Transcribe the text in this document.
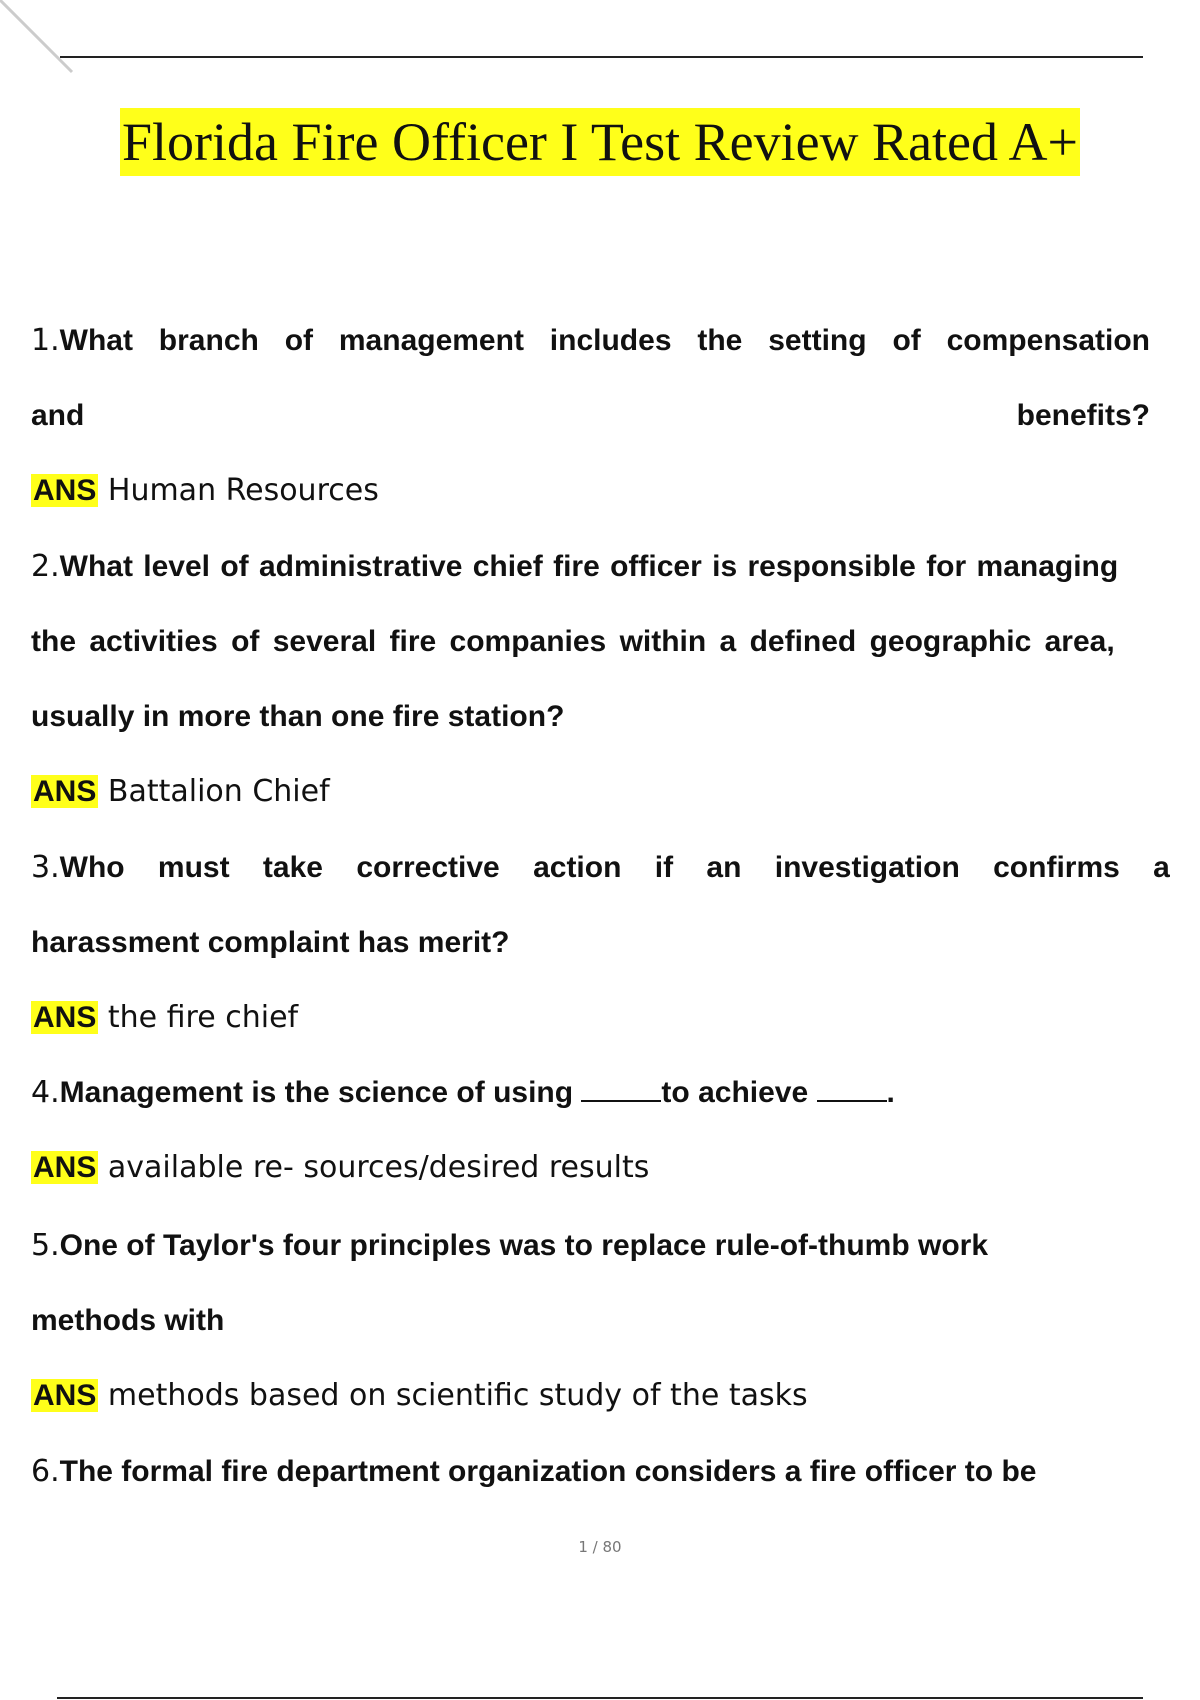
Florida Fire Officer I Test Review Rated A+
1.What branch of management includes the setting of compensation
and	benefits?
ANS Human Resources
2.What level of administrative chief fire officer is responsible for managing
the activities of several fire companies within a defined geographic area,
usually in more than one fire station?
ANS Battalion Chief
3.Who must take corrective action if an investigation confirms a
harassment complaint has merit?
ANS the fire chief
4.Management is the science of using	to achieve .
ANS available re- sources/desired results
5.One of Taylor's four principles was to replace rule-of-thumb work
methods with
ANS methods based on scientific study of the tasks
6.The formal fire department organization considers a fire officer to be
1 / 80
